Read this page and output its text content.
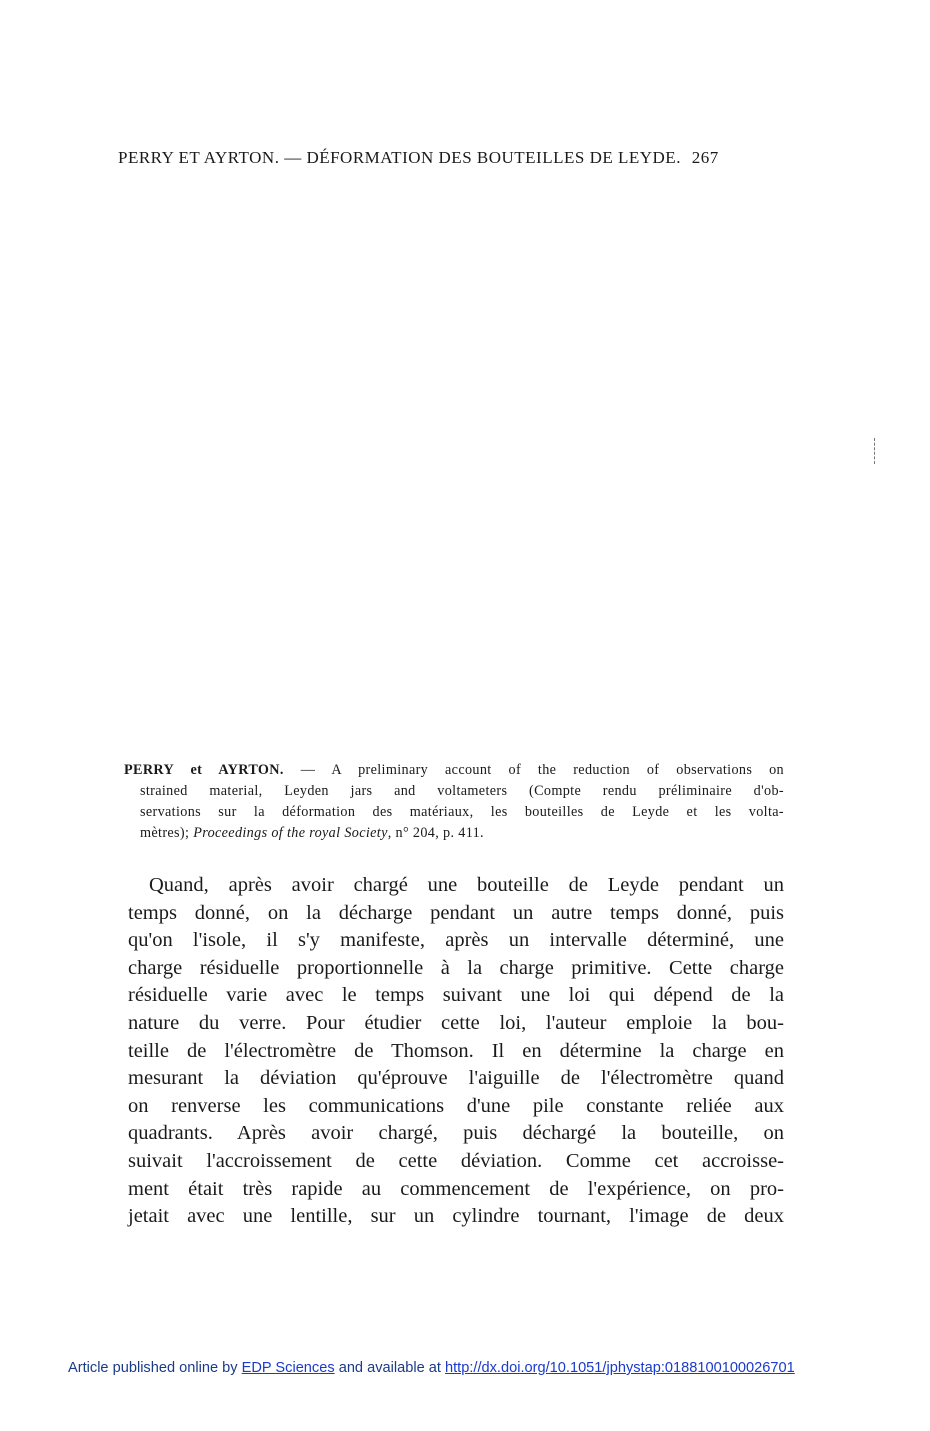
PERRY ET AYRTON. — DÉFORMATION DES BOUTEILLES DE LEYDE. 267
PERRY et AYRTON. — A preliminary account of the reduction of observations on
strained material, Leyden jars and voltameters (Compte rendu préliminaire d'ob-
servations sur la déformation des matériaux, les bouteilles de Leyde et les volta-
mètres); Proceedings of the royal Society, n° 204, p. 411.
Quand, après avoir chargé une bouteille de Leyde pendant un
temps donné, on la décharge pendant un autre temps donné, puis
qu'on l'isole, il s'y manifeste, après un intervalle déterminé, une
charge résiduelle proportionnelle à la charge primitive. Cette charge
résiduelle varie avec le temps suivant une loi qui dépend de la
nature du verre. Pour étudier cette loi, l'auteur emploie la bou-
teille de l'électromètre de Thomson. Il en détermine la charge en
mesurant la déviation qu'éprouve l'aiguille de l'électromètre quand
on renverse les communications d'une pile constante reliée aux
quadrants. Après avoir chargé, puis déchargé la bouteille, on
suivait l'accroissement de cette déviation. Comme cet accroisse-
ment était très rapide au commencement de l'expérience, on pro-
jetait avec une lentille, sur un cylindre tournant, l'image de deux
Article published online by EDP Sciences and available at http://dx.doi.org/10.1051/jphystap:0188100100026701
